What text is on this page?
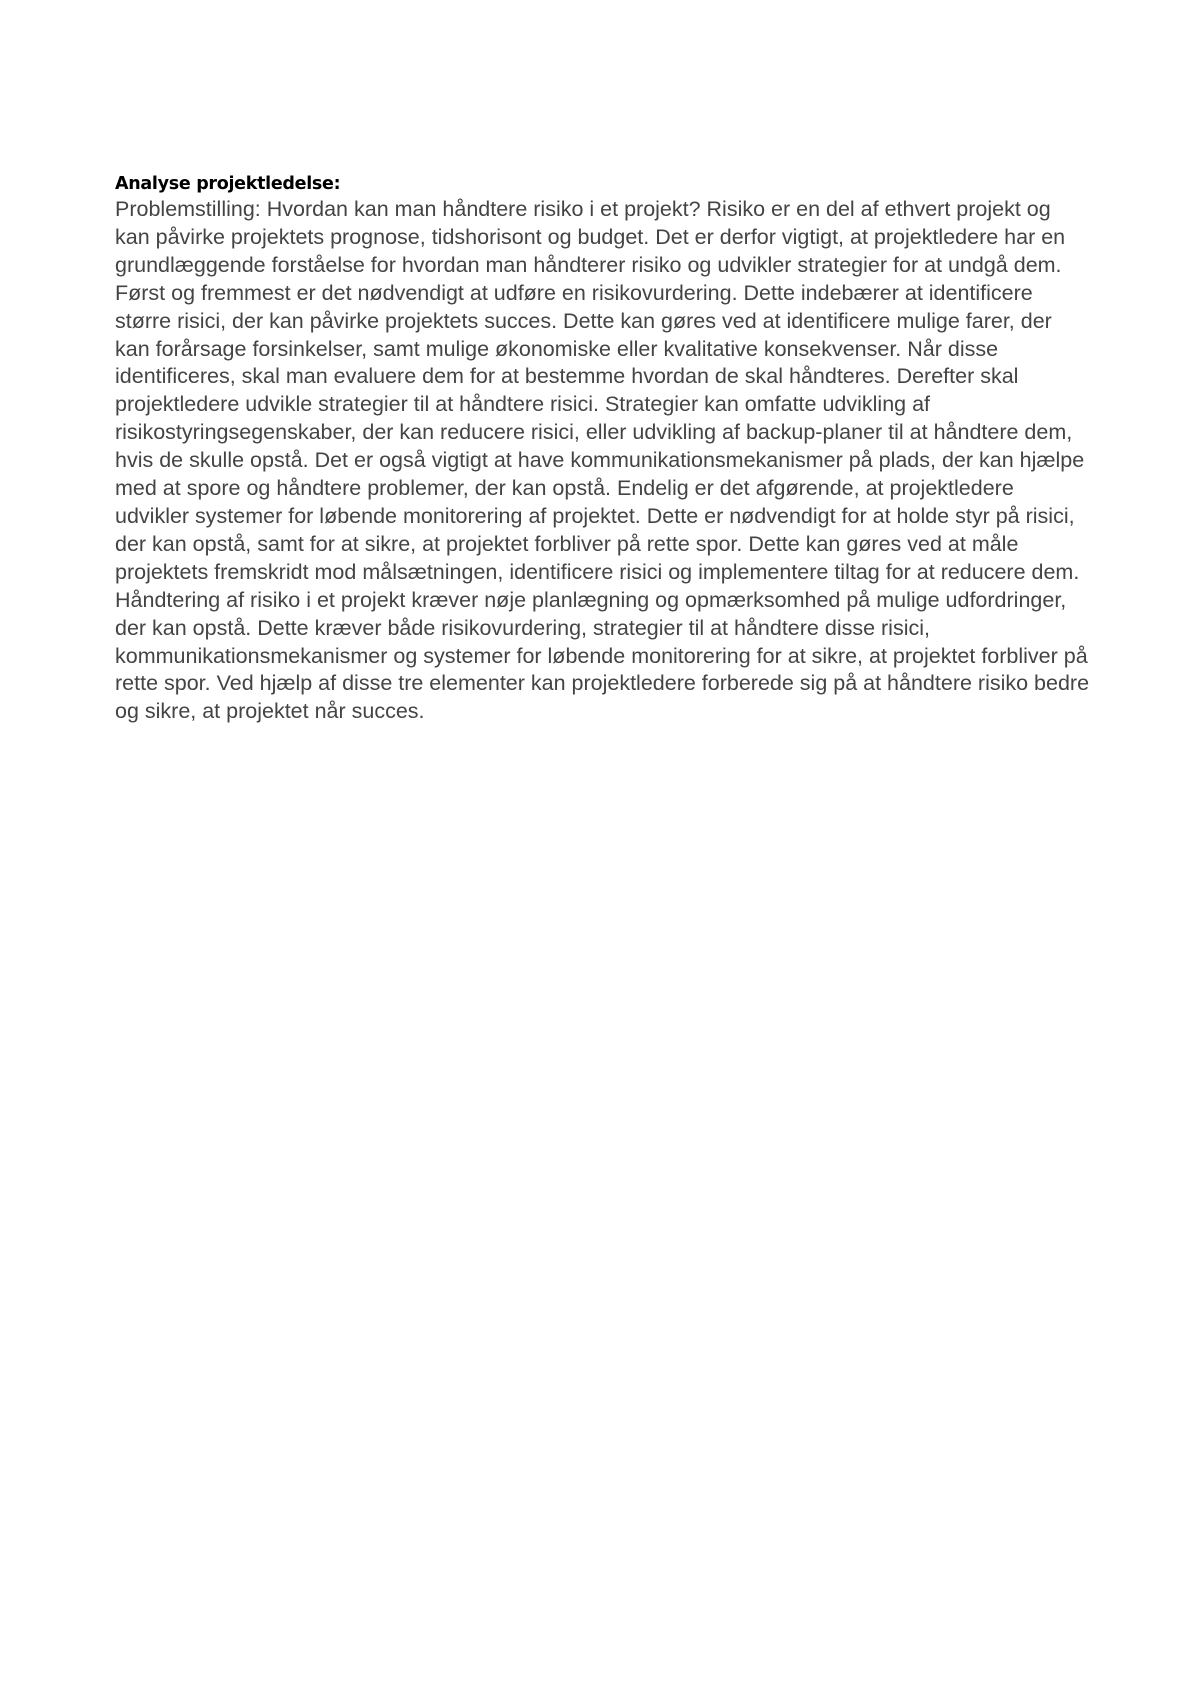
Analyse projektledelse:

Problemstilling: Hvordan kan man håndtere risiko i et projekt? Risiko er en del af ethvert projekt og kan påvirke projektets prognose, tidshorisont og budget. Det er derfor vigtigt, at projektledere har en grundlæggende forståelse for hvordan man håndterer risiko og udvikler strategier for at undgå dem. Først og fremmest er det nødvendigt at udføre en risikovurdering. Dette indebærer at identificere større risici, der kan påvirke projektets succes. Dette kan gøres ved at identificere mulige farer, der kan forårsage forsinkelser, samt mulige økonomiske eller kvalitative konsekvenser. Når disse identificeres, skal man evaluere dem for at bestemme hvordan de skal håndteres. Derefter skal projektledere udvikle strategier til at håndtere risici. Strategier kan omfatte udvikling af risikostyringsegenskaber, der kan reducere risici, eller udvikling af backup-planer til at håndtere dem, hvis de skulle opstå. Det er også vigtigt at have kommunikationsmekanismer på plads, der kan hjælpe med at spore og håndtere problemer, der kan opstå. Endelig er det afgørende, at projektledere udvikler systemer for løbende monitorering af projektet. Dette er nødvendigt for at holde styr på risici, der kan opstå, samt for at sikre, at projektet forbliver på rette spor. Dette kan gøres ved at måle projektets fremskridt mod målsætningen, identificere risici og implementere tiltag for at reducere dem. Håndtering af risiko i et projekt kræver nøje planlægning og opmærksomhed på mulige udfordringer, der kan opstå. Dette kræver både risikovurdering, strategier til at håndtere disse risici, kommunikationsmekanismer og systemer for løbende monitorering for at sikre, at projektet forbliver på rette spor. Ved hjælp af disse tre elementer kan projektledere forberede sig på at håndtere risiko bedre og sikre, at projektet når succes.
